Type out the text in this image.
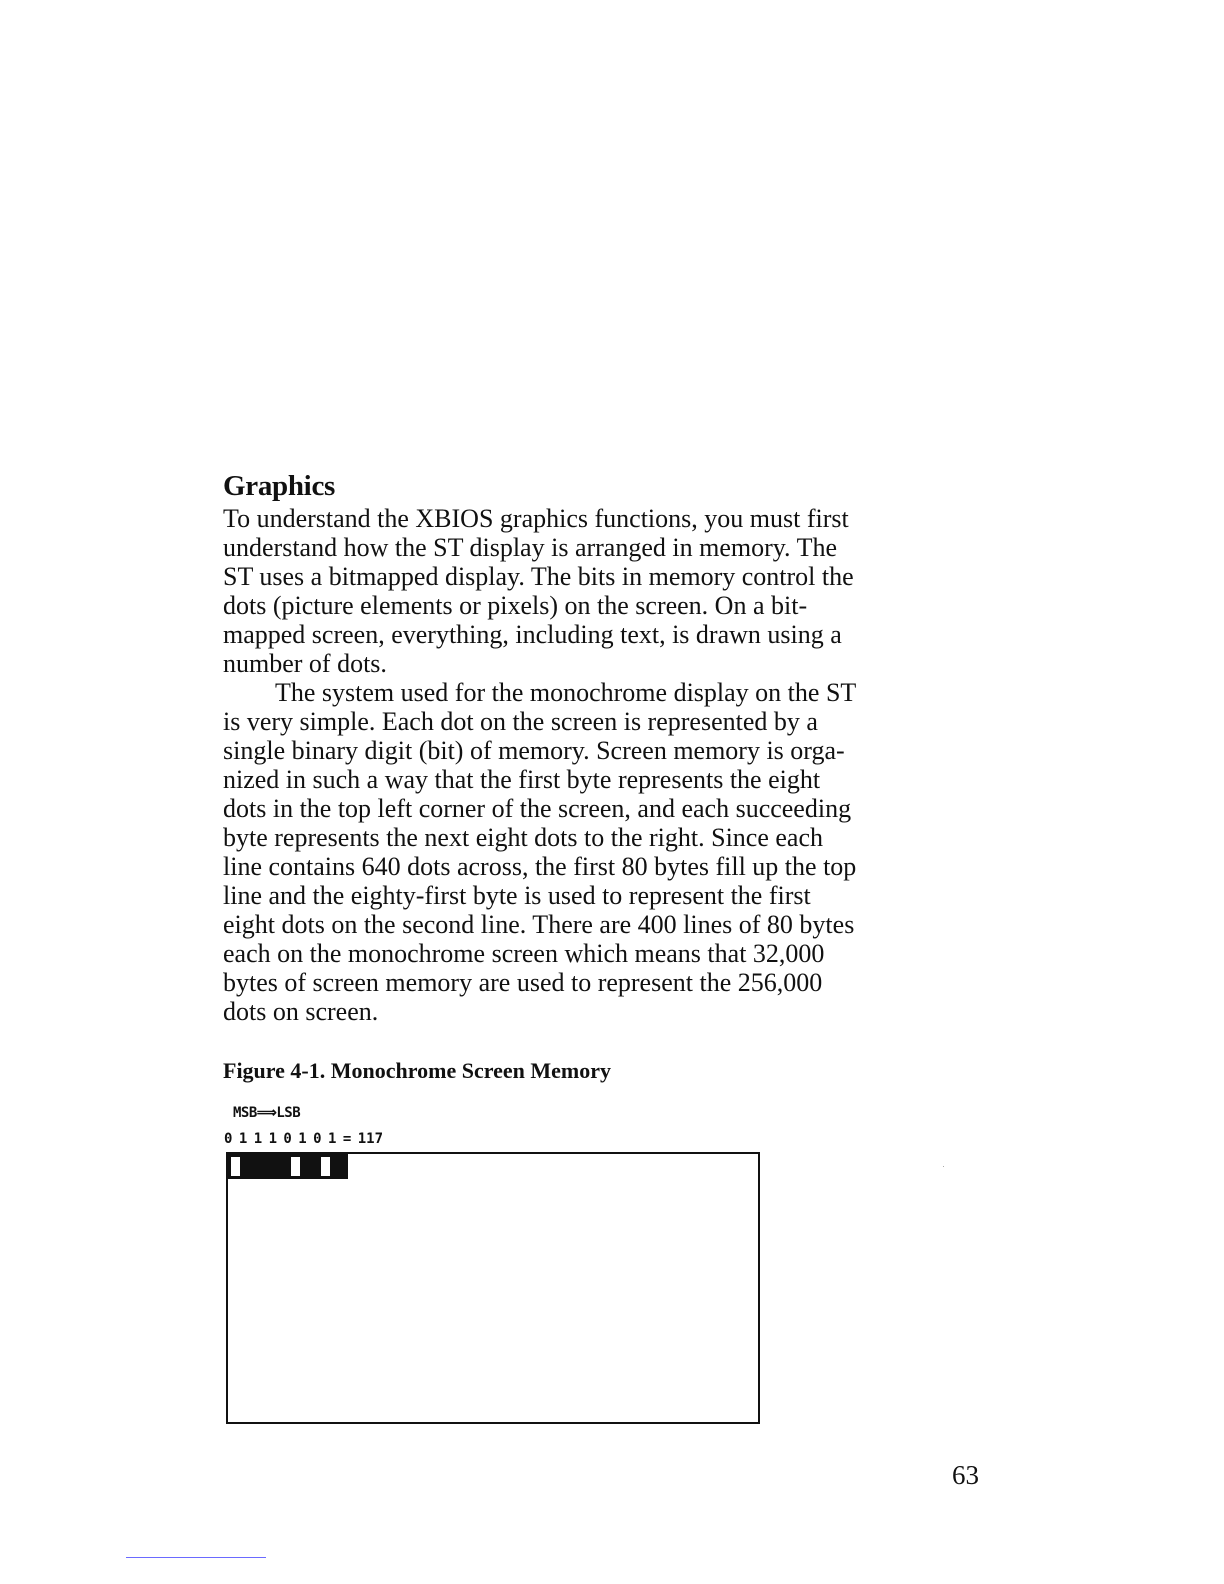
Graphics

To understand the XBIOS graphics functions, you must first
understand how the ST display is arranged in memory. The
ST uses a bitmapped display. The bits in memory control the
dots (picture elements or pixels) on the screen. On a bit-
mapped screen, everything, including text, is drawn using a
number of dots.

The system used for the monochrome display on the ST
is very simple. Each dot on the screen is represented by a
single binary digit (bit) of memory. Screen memory is orga-
nized in such a way that the first byte represents the eight
dots in the top left corner of the screen, and each succeeding
byte represents the next eight dots to the right. Since each
line contains 640 dots across, the first 80 bytes fill up the top
line and the eighty-first byte is used to represent the first
eight dots on the second line. There are 400 lines of 80 bytes
each on the monochrome screen which means that 32,000
bytes of screen memory are used to represent the 256,000
dots on screen.

Figure 4-1. Monochrome Screen Memory

MSB⟹LSB
0 1 1 1 0 1 0 1 = 117

63
